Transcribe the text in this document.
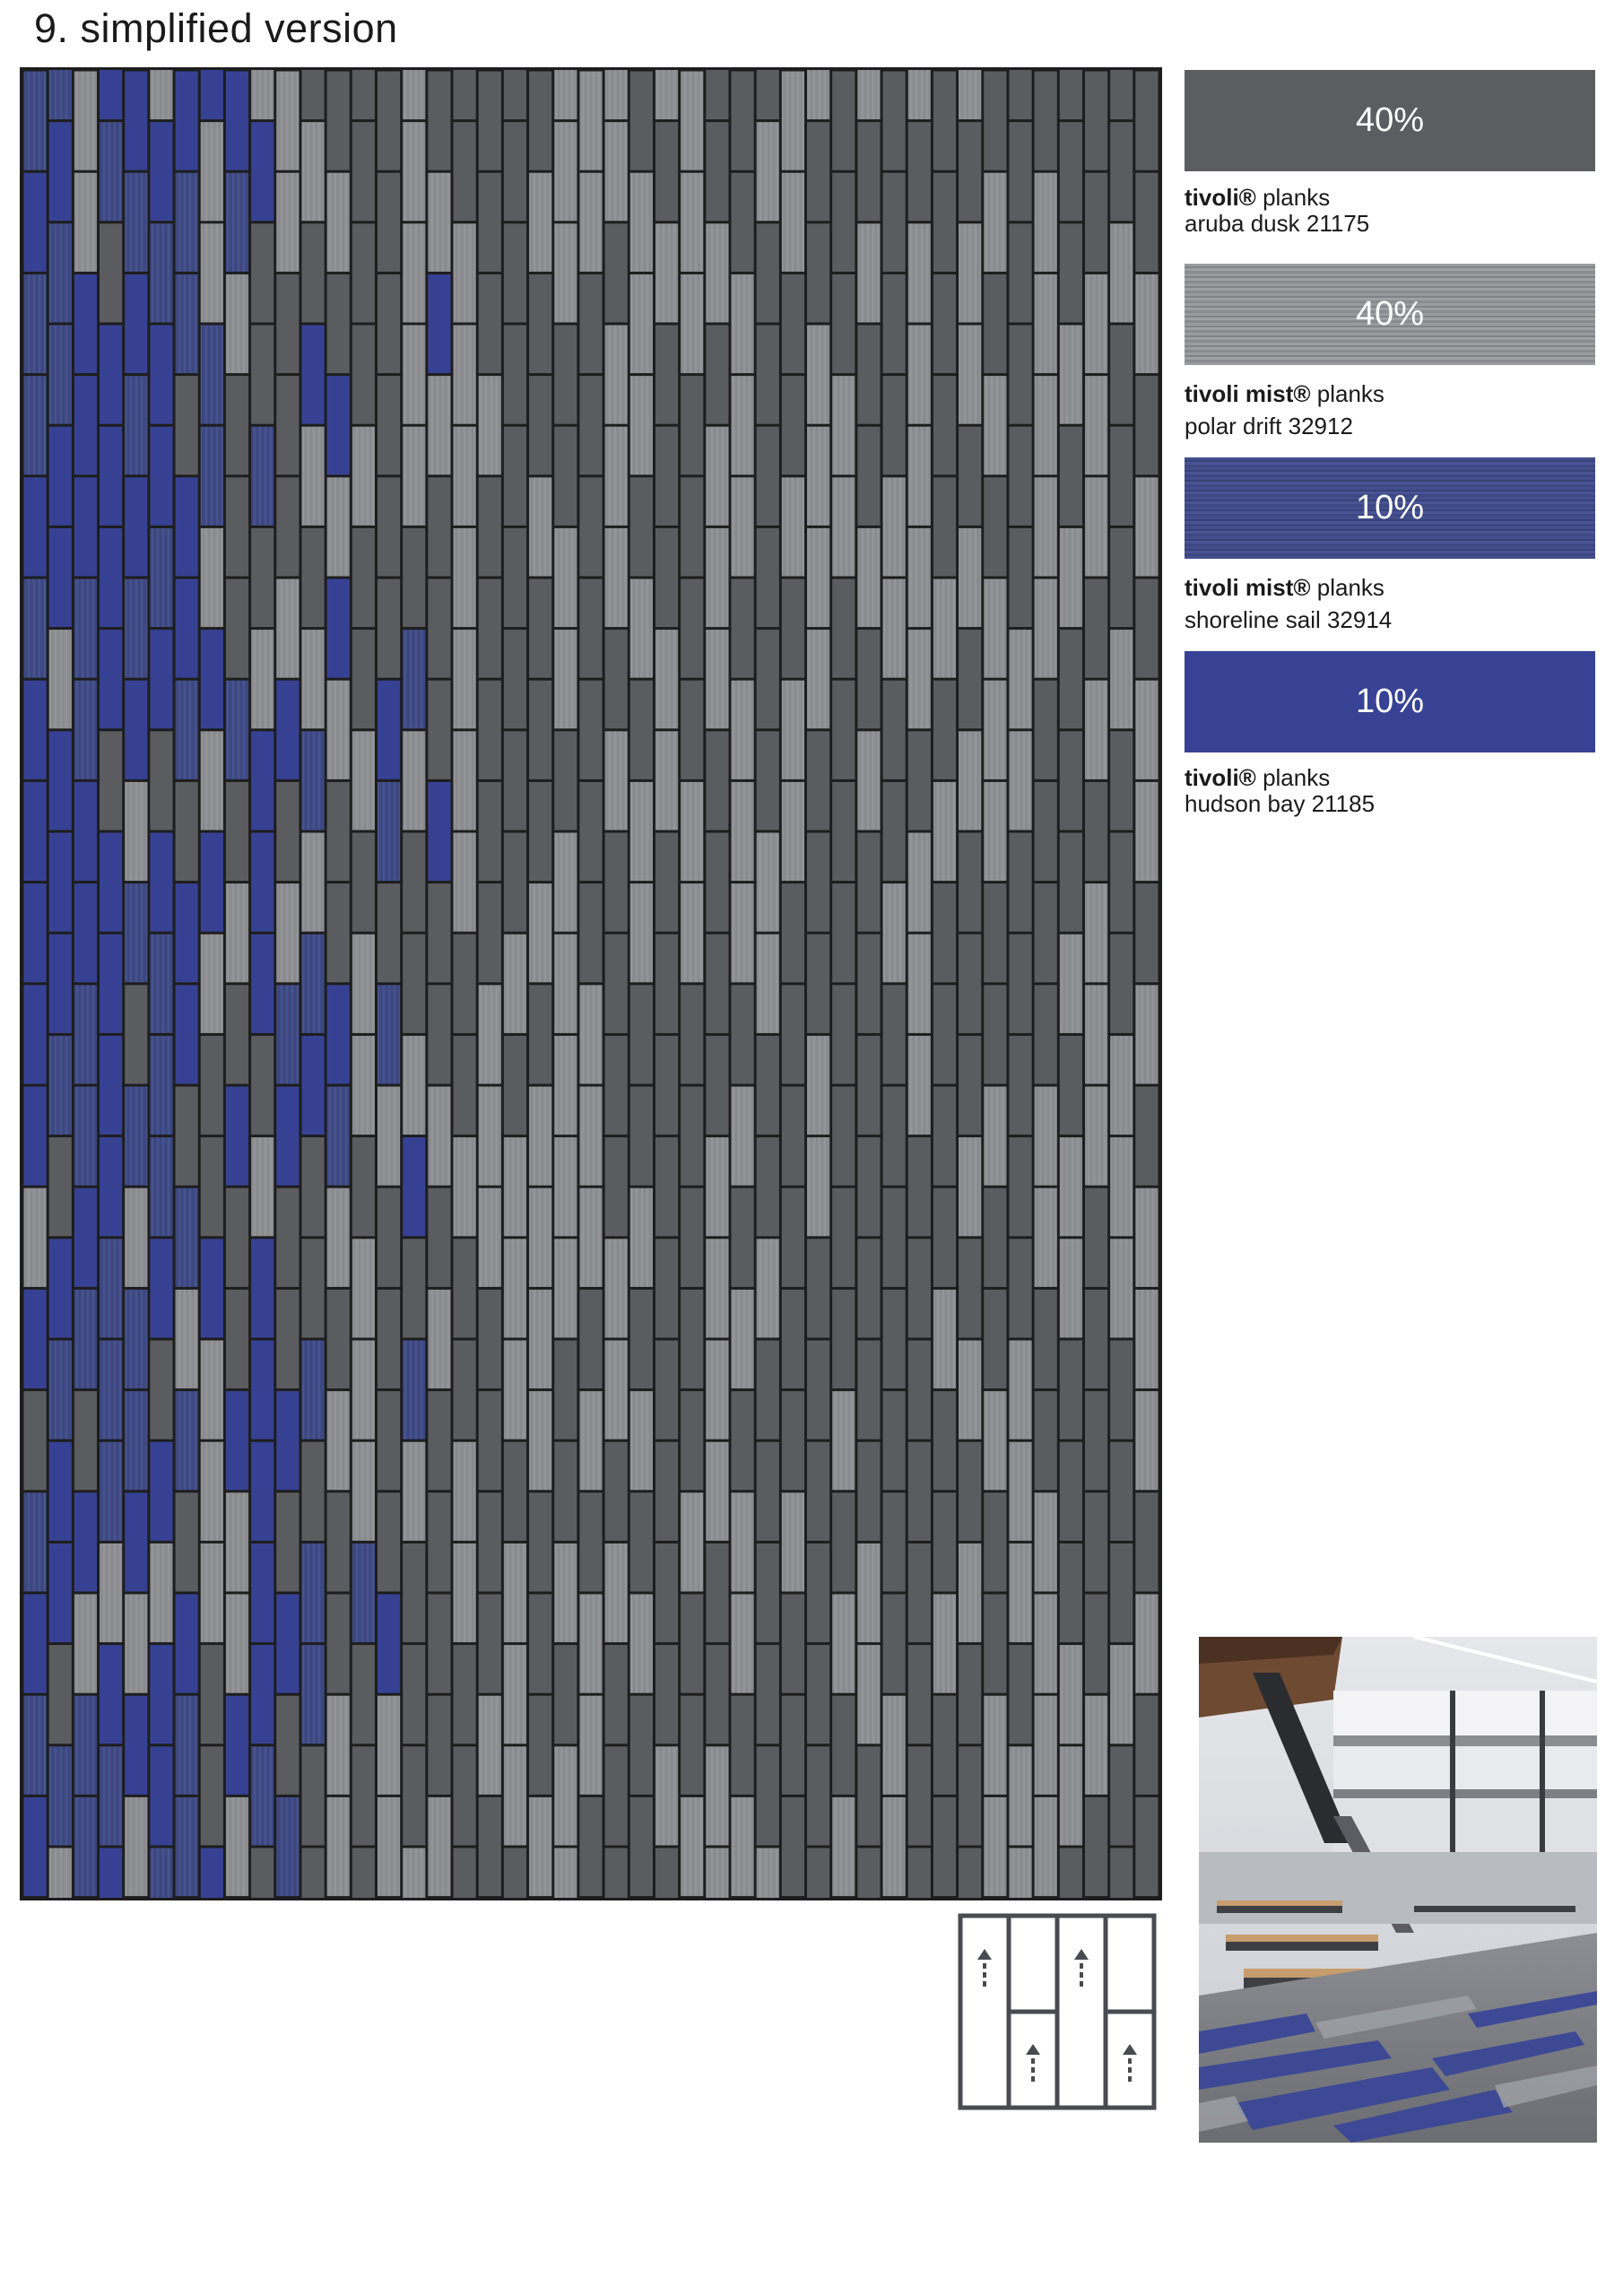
9. simplified version
40%
tivoli® planks
aruba dusk 21175
40%
tivoli mist® planks
polar drift 32912
10%
tivoli mist® planks
shoreline sail 32914
10%
tivoli® planks
hudson bay 21185
